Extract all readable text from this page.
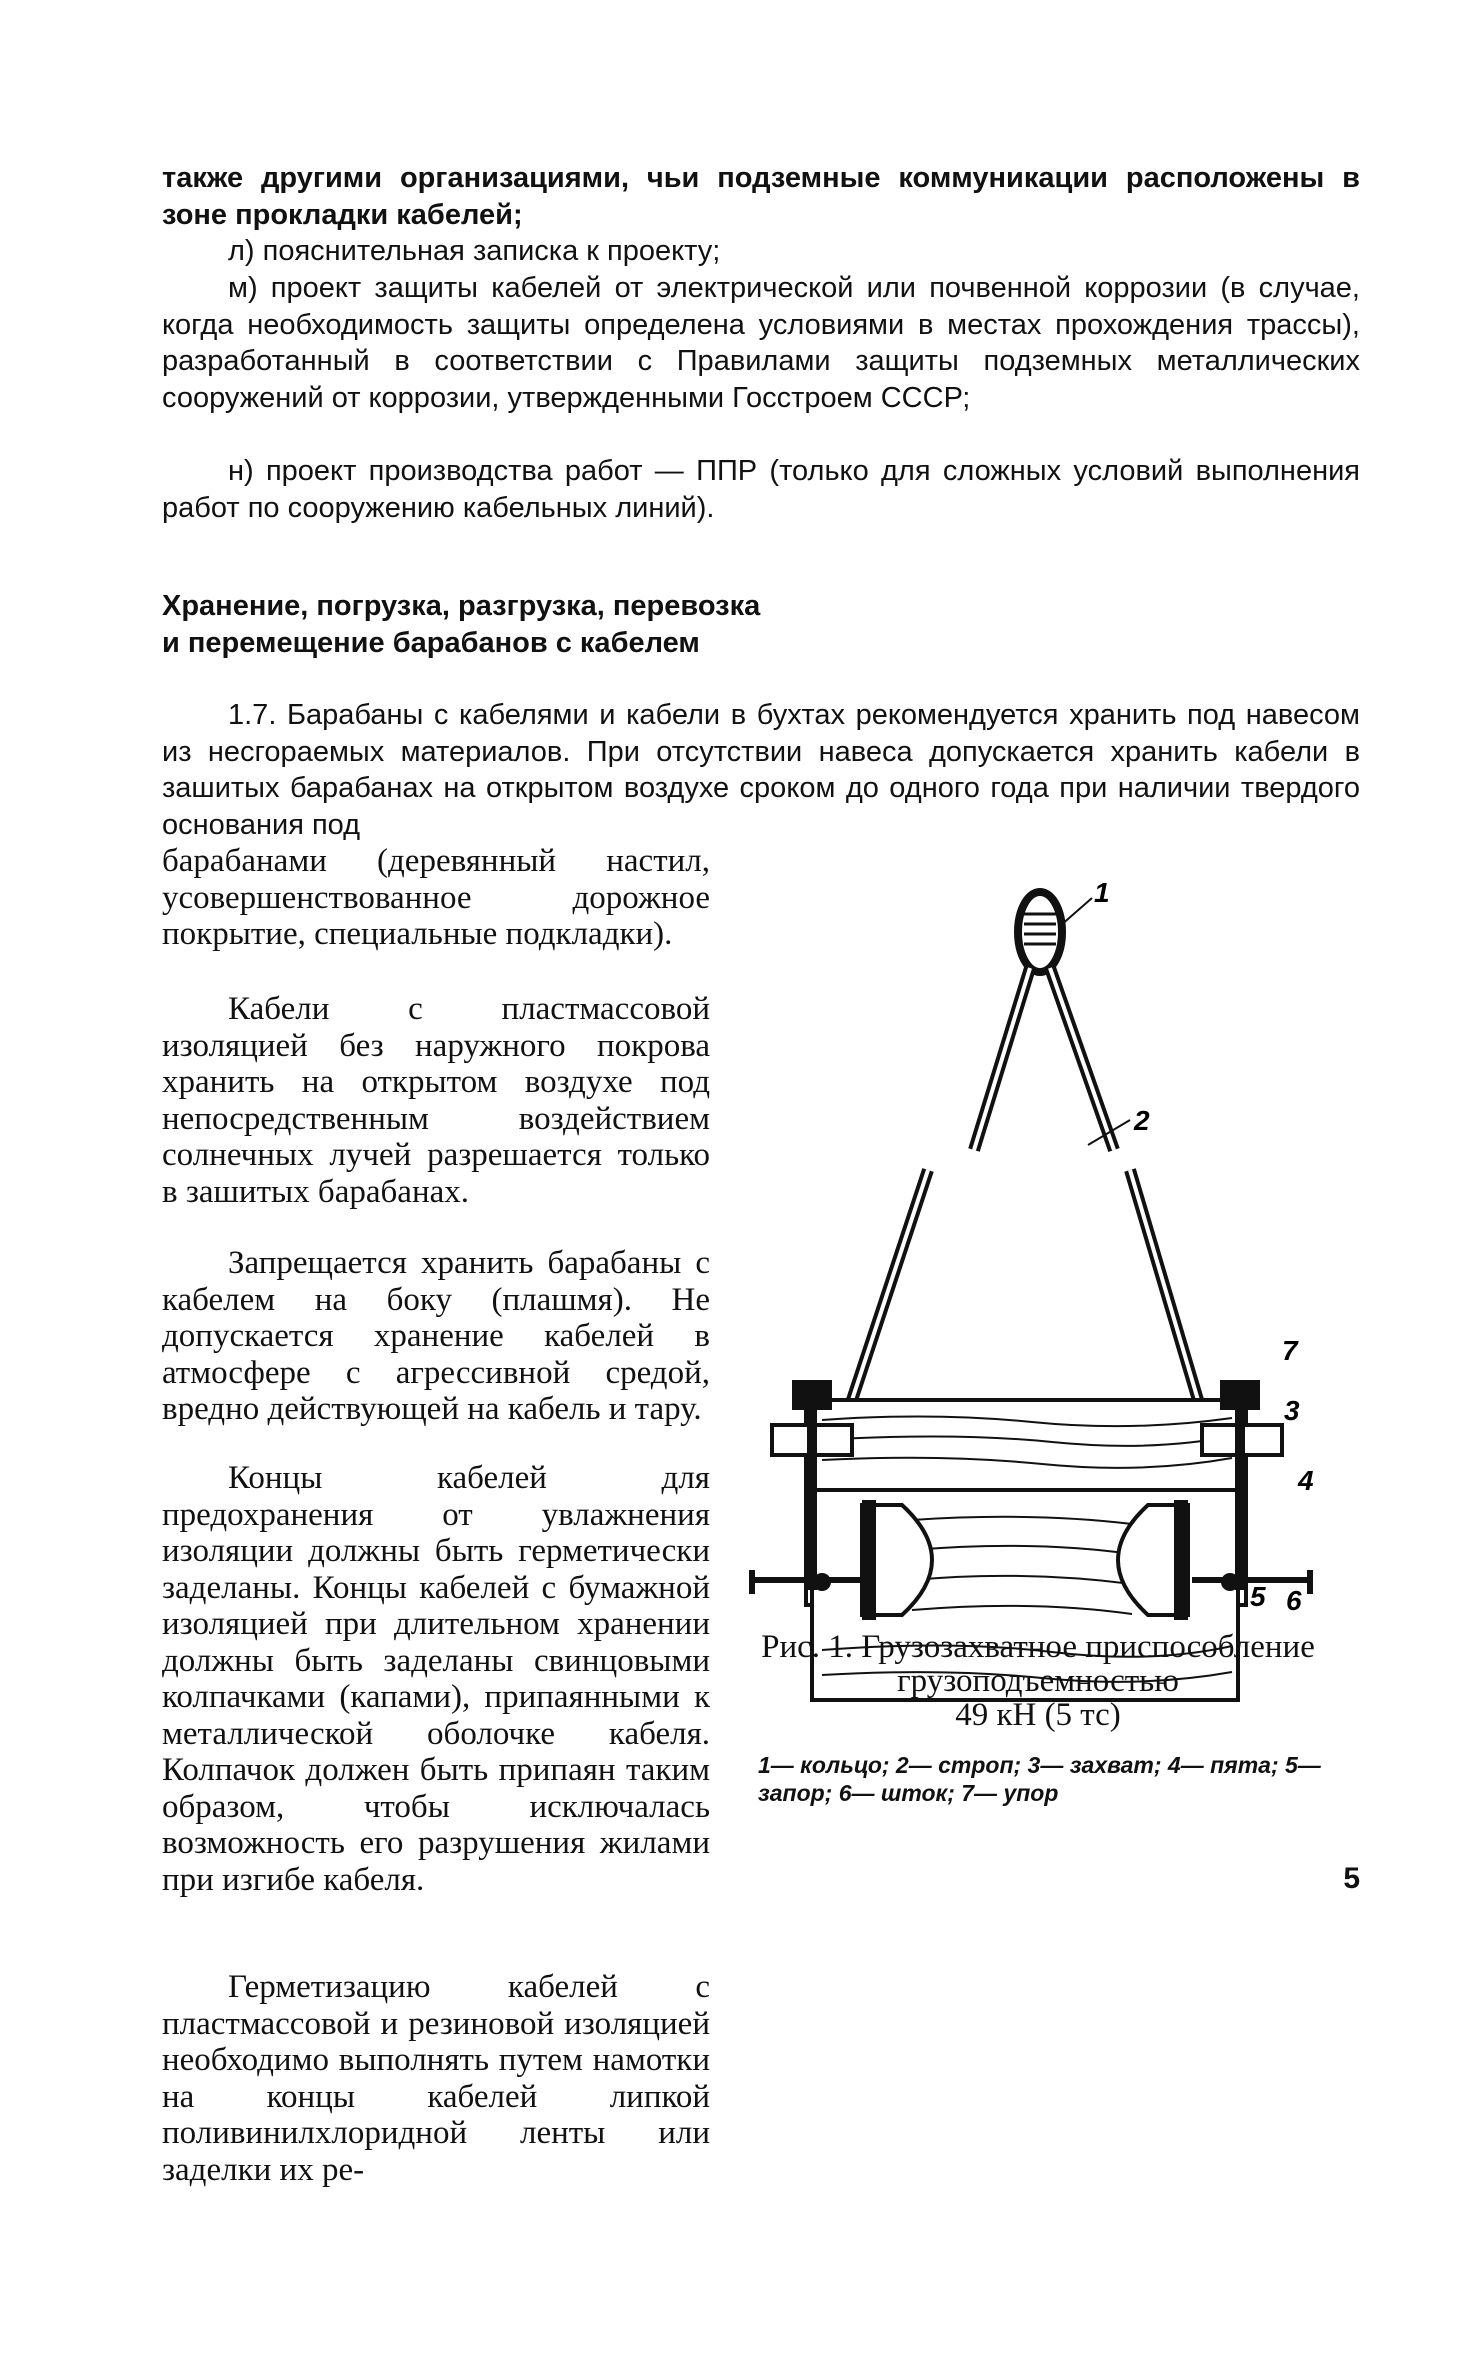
также другими организациями, чьи подземные коммуникации расположены в зоне прокладки кабелей;

л) пояснительная записка к проекту;

м) проект защиты кабелей от электрической или почвенной коррозии (в случае, когда необходимость защиты определена условиями в местах прохождения трассы), разработанный в соответствии с Правилами защиты подземных металлических сооружений от коррозии, утвержденными Госстроем СССР;

н) проект производства работ — ППР (только для сложных условий выполнения работ по сооружению кабельных линий).

Хранение, погрузка, разгрузка, перевозка
и перемещение барабанов с кабелем

1.7. Барабаны с кабелями и кабели в бухтах рекомендуется хранить под навесом из несгораемых материалов. При отсутствии навеса допускается хранить кабели в зашитых барабанах на открытом воздухе сроком до одного года при наличии твердого основания под

барабанами (деревянный настил, усовершенствованное дорожное покрытие, специальные подкладки).

Кабели с пластмассовой изоляцией без наружного покрова хранить на открытом воздухе под непосредственным воздействием солнечных лучей разрешается только в зашитых барабанах.

Запрещается хранить барабаны с кабелем на боку (плашмя). Не допускается хранение кабелей в атмосфере с агрессивной средой, вредно действующей на кабель и тару.

Концы кабелей для предохранения от увлажнения изоляции должны быть герметически заделаны. Концы кабелей с бумажной изоляцией при длительном хранении должны быть заделаны свинцовыми колпачками (капами), припаянными к металлической оболочке кабеля. Колпачок должен быть припаян таким образом, чтобы исключалась возможность его разрушения жилами при изгибе кабеля.

Герметизацию кабелей с пластмассовой и резиновой изоляцией необходимо выполнять путем намотки на концы кабелей липкой поливинилхлоридной ленты или заделки их ре-

1
2
7
3
4
6
5

Рис. 1. Грузозахватное приспособление грузоподъемностью
49 кН (5 тс)

1— кольцо; 2— строп; 3— захват; 4— пята; 5— запор; 6— шток; 7— упор

5
